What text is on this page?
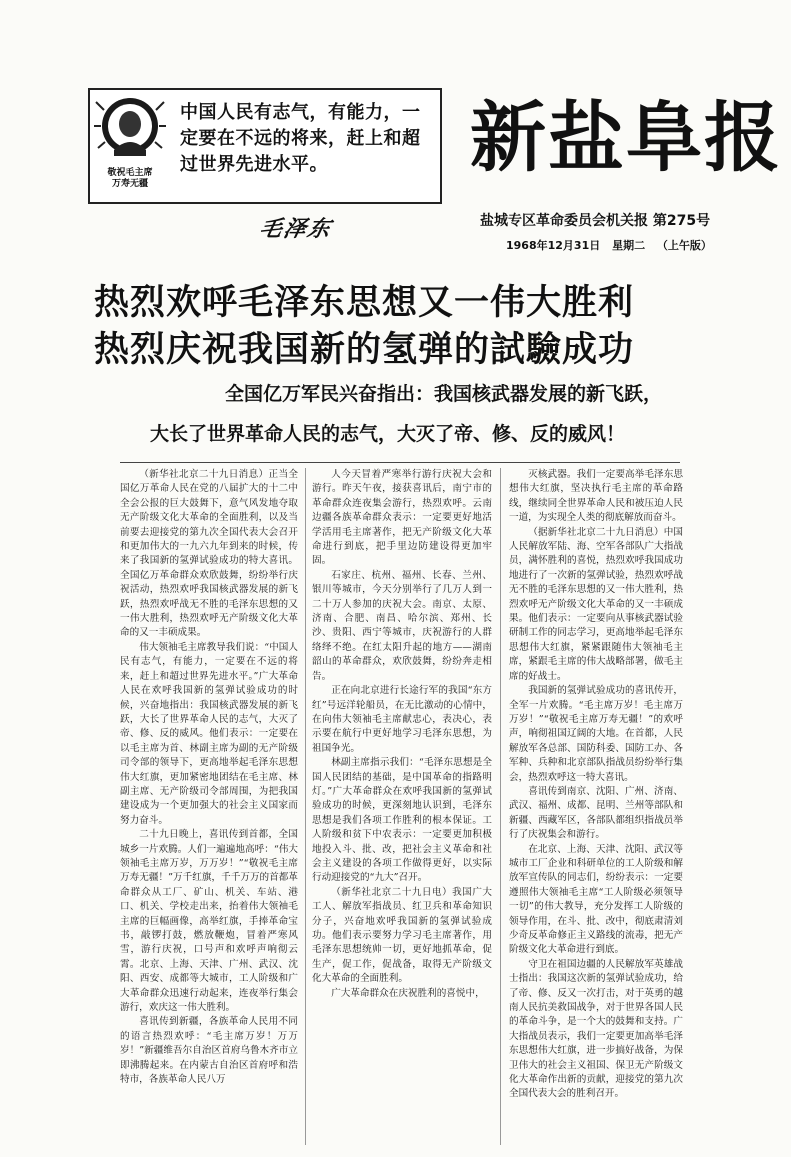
敬祝毛主席
万寿无疆
中国人民有志气，有能力，一定要在不远的将来，赶上和超过世界先进水平。
毛泽东
新盐阜报
盐城专区革命委员会机关报 第275号
1968年12月31日 星期二 （上午版）
热烈欢呼毛泽东思想又一伟大胜利
热烈庆祝我国新的氢弹的試驗成功
全国亿万军民兴奋指出：我国核武器发展的新飞跃，
大长了世界革命人民的志气，大灭了帝、修、反的威风！

（新华社北京二十九日消息）正当全国亿万革命人民在党的八届扩大的十二中全会公报的巨大鼓舞下，意气风发地夺取无产阶级文化大革命的全面胜利，以及当前要去迎接党的第九次全国代表大会召开和更加伟大的一九六九年到来的时候，传来了我国新的氢弹试验成功的特大喜讯。全国亿万革命群众欢欣鼓舞，纷纷举行庆祝活动，热烈欢呼我国核武器发展的新飞跃，热烈欢呼战无不胜的毛泽东思想的又一伟大胜利，热烈欢呼无产阶级文化大革命的又一丰硕成果。

伟大领袖毛主席教导我们说：“中国人民有志气，有能力，一定要在不远的将来，赶上和超过世界先进水平。”广大革命人民在欢呼我国新的氢弹试验成功的时候，兴奋地指出：我国核武器发展的新飞跃，大长了世界革命人民的志气，大灭了帝、修、反的威风。他们表示：一定要在以毛主席为首、林副主席为副的无产阶级司令部的领导下，更高地举起毛泽东思想伟大红旗，更加紧密地团结在毛主席、林副主席、无产阶级司令部周围，为把我国建设成为一个更加强大的社会主义国家而努力奋斗。

二十九日晚上，喜讯传到首都，全国城乡一片欢腾。人们一遍遍地高呼：“伟大领袖毛主席万岁，万万岁！”“敬祝毛主席万寿无疆！”万千红旗，千千万万的首都革命群众从工厂、矿山、机关、车站、港口、机关、学校走出来，抬着伟大领袖毛主席的巨幅画像，高举红旗，手捧革命宝书，敲锣打鼓，燃放鞭炮，冒着严寒风雪，游行庆祝，口号声和欢呼声响彻云霄。北京、上海、天津、广州、武汉、沈阳、西安、成都等大城市，工人阶级和广大革命群众迅速行动起来，连夜举行集会游行，欢庆这一伟大胜利。

喜讯传到新疆，各族革命人民用不同的语言热烈欢呼：“毛主席万岁！万万岁！”新疆维吾尔自治区首府乌鲁木齐市立即沸腾起来。在内蒙古自治区首府呼和浩特市，各族革命人民八万

人今天冒着严寒举行游行庆祝大会和游行。昨天午夜，接获喜讯后，南宁市的革命群众连夜集会游行，热烈欢呼。云南边疆各族革命群众表示：一定要更好地活学活用毛主席著作，把无产阶级文化大革命进行到底，把手里边防建设得更加牢固。

石家庄、杭州、福州、长春、兰州、银川等城市，今天分别举行了几万人到一二十万人参加的庆祝大会。南京、太原、济南、合肥、南昌、哈尔滨、郑州、长沙、贵阳、西宁等城市，庆祝游行的人群络绎不绝。在红太阳升起的地方——湖南韶山的革命群众，欢欣鼓舞，纷纷奔走相告。

正在向北京进行长途行军的我国“东方红”号远洋轮船员，在无比激动的心情中，在向伟大领袖毛主席献忠心，表决心，表示要在航行中更好地学习毛泽东思想，为祖国争光。

林副主席指示我们：“毛泽东思想是全国人民团结的基础，是中国革命的指路明灯。”广大革命群众在欢呼我国新的氢弹试验成功的时候，更深刻地认识到，毛泽东思想是我们各项工作胜利的根本保证。工人阶级和贫下中农表示：一定要更加积极地投入斗、批、改，把社会主义革命和社会主义建设的各项工作做得更好，以实际行动迎接党的“九大”召开。

（新华社北京二十九日电）我国广大工人、解放军指战员、红卫兵和革命知识分子，兴奋地欢呼我国新的氢弹试验成功。他们表示要努力学习毛主席著作，用毛泽东思想统帅一切，更好地抓革命，促生产，促工作，促战备，取得无产阶级文化大革命的全面胜利。

广大革命群众在庆祝胜利的喜悦中，

灭核武器。我们一定要高举毛泽东思想伟大红旗，坚决执行毛主席的革命路线，继续同全世界革命人民和被压迫人民一道，为实现全人类的彻底解放而奋斗。

（据新华社北京二十九日消息）中国人民解放军陆、海、空军各部队广大指战员，满怀胜利的喜悦，热烈欢呼我国成功地进行了一次新的氢弹试验，热烈欢呼战无不胜的毛泽东思想的又一伟大胜利，热烈欢呼无产阶级文化大革命的又一丰硕成果。他们表示：一定要向从事核武器试验研制工作的同志学习，更高地举起毛泽东思想伟大红旗，紧紧跟随伟大领袖毛主席，紧跟毛主席的伟大战略部署，做毛主席的好战士。

我国新的氢弹试验成功的喜讯传开，全军一片欢腾。“毛主席万岁！毛主席万万岁！”“敬祝毛主席万寿无疆！”的欢呼声，响彻祖国辽阔的大地。在首都，人民解放军各总部、国防科委、国防工办、各军种、兵种和北京部队指战员纷纷举行集会，热烈欢呼这一特大喜讯。

喜讯传到南京、沈阳、广州、济南、武汉、福州、成都、昆明、兰州等部队和新疆、西藏军区，各部队都组织指战员举行了庆祝集会和游行。

在北京、上海、天津、沈阳、武汉等城市工厂企业和科研单位的工人阶级和解放军宣传队的同志们，纷纷表示：一定要遵照伟大领袖毛主席“工人阶级必须领导一切”的伟大教导，充分发挥工人阶级的领导作用，在斗、批、改中，彻底肃清刘少奇反革命修正主义路线的流毒，把无产阶级文化大革命进行到底。

守卫在祖国边疆的人民解放军英雄战士指出：我国这次新的氢弹试验成功，给了帝、修、反又一次打击，对于英勇的越南人民抗美救国战争，对于世界各国人民的革命斗争，是一个大的鼓舞和支持。广大指战员表示，我们一定要更加高举毛泽东思想伟大红旗，进一步搞好战备，为保卫伟大的社会主义祖国、保卫无产阶级文化大革命作出新的贡献，迎接党的第九次全国代表大会的胜利召开。
